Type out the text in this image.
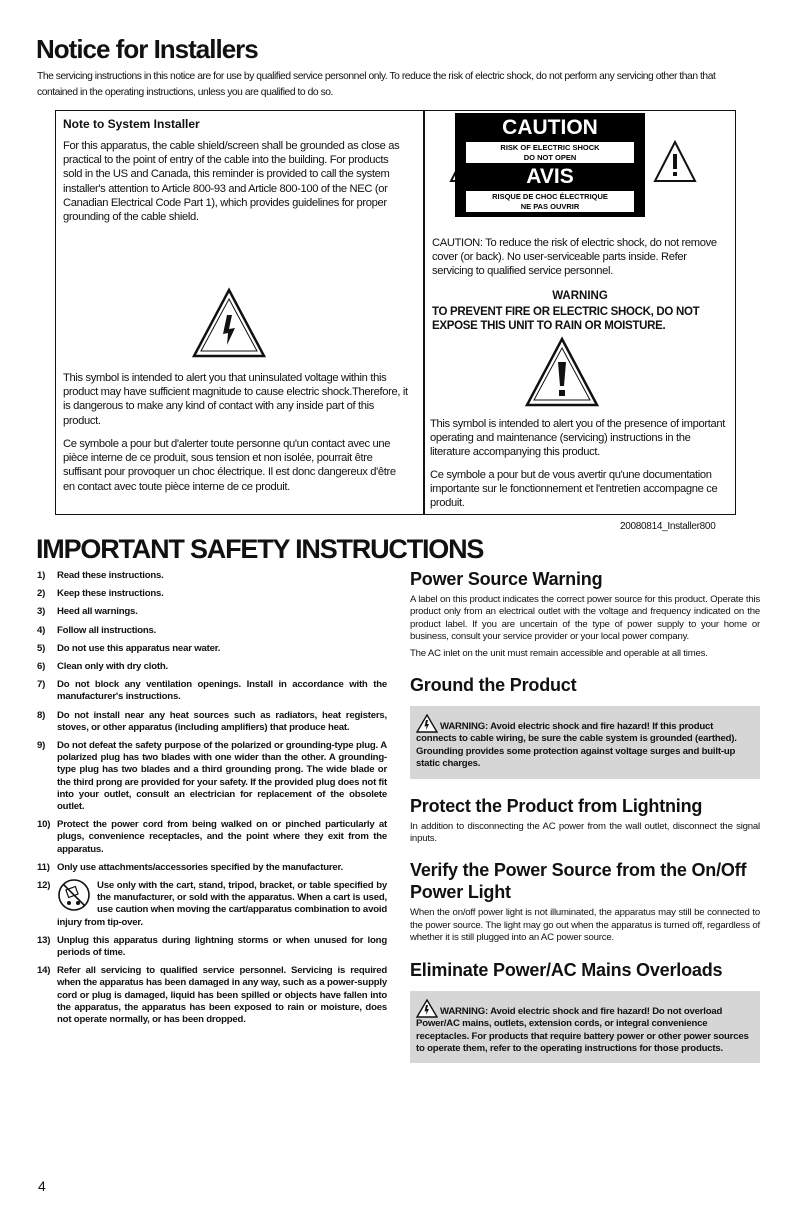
Notice for Installers
The servicing instructions in this notice are for use by qualified service personnel only. To reduce the risk of electric shock, do not perform any servicing other than that contained in the operating instructions, unless you are qualified to do so.
Note to System Installer
For this apparatus, the cable shield/screen shall be grounded as close as practical to the point of entry of the cable into the building. For products sold in the US and Canada, this reminder is provided to call the system installer's attention to Article 800-93 and Article 800-100 of the NEC (or Canadian Electrical Code Part 1), which provides guidelines for proper grounding of the cable shield.
This symbol is intended to alert you that uninsulated voltage within this product may have sufficient magnitude to cause electric shock.Therefore, it is dangerous to make any kind of contact with any inside part of this product.
Ce symbole a pour but d'alerter toute personne qu'un contact avec une pièce interne de ce produit, sous tension et non isolée, pourrait être suffisant pour provoquer un choc électrique. Il est donc dangereux d'être en contact avec toute pièce interne de ce produit.
CAUTION
RISK OF ELECTRIC SHOCK
DO NOT OPEN
AVIS
RISQUE DE CHOC ÉLECTRIQUE
NE PAS OUVRIR
CAUTION: To reduce the risk of electric shock, do not remove cover (or back). No user-serviceable parts inside. Refer servicing to qualified service personnel.
WARNING
TO PREVENT FIRE OR ELECTRIC SHOCK, DO NOT EXPOSE THIS UNIT TO RAIN OR MOISTURE.
This symbol is intended to alert you of the presence of important operating and maintenance (servicing) instructions in the literature accompanying this product.
Ce symbole a pour but de vous avertir qu'une documentation importante sur le fonctionnement et l'entretien accompagne ce produit.
20080814_Installer800
IMPORTANT SAFETY INSTRUCTIONS
1) Read these instructions.
2) Keep these instructions.
3) Heed all warnings.
4) Follow all instructions.
5) Do not use this apparatus near water.
6) Clean only with dry cloth.
7) Do not block any ventilation openings. Install in accordance with the manufacturer's instructions.
8) Do not install near any heat sources such as radiators, heat registers, stoves, or other apparatus (including amplifiers) that produce heat.
9) Do not defeat the safety purpose of the polarized or grounding-type plug. A polarized plug has two blades with one wider than the other. A grounding-type plug has two blades and a third grounding prong. The wide blade or the third prong are provided for your safety. If the provided plug does not fit into your outlet, consult an electrician for replacement of the obsolete outlet.
10) Protect the power cord from being walked on or pinched particularly at plugs, convenience receptacles, and the point where they exit from the apparatus.
11) Only use attachments/accessories specified by the manufacturer.
12)	Use only with the cart, stand, tripod, bracket, or table specified by the manufacturer, or sold with the apparatus. When a cart is used, use caution when moving the cart/apparatus combination to avoid injury from tip-over.
13) Unplug this apparatus during lightning storms or when unused for long periods of time.
14) Refer all servicing to qualified service personnel. Servicing is required when the apparatus has been damaged in any way, such as a power-supply cord or plug is damaged, liquid has been spilled or objects have fallen into the apparatus, the apparatus has been exposed to rain or moisture, does not operate normally, or has been dropped.
Power Source Warning

A label on this product indicates the correct power source for this product. Operate this product only from an electrical outlet with the voltage and frequency indicated on the product label. If you are uncertain of the type of power supply to your home or business, consult your service provider or your local power company.

The AC inlet on the unit must remain accessible and operable at all times.

Ground the Product
WARNING: Avoid electric shock and fire hazard! If this product connects to cable wiring, be sure the cable system is grounded (earthed). Grounding provides some protection against voltage surges and built-up static charges.
Protect the Product from Lightning

In addition to disconnecting the AC power from the wall outlet, disconnect the signal inputs.

Verify the Power Source from the On/Off Power Light

When the on/off power light is not illuminated, the apparatus may still be connected to the power source. The light may go out when the apparatus is turned off, regardless of whether it is still plugged into an AC power source.

Eliminate Power/AC Mains Overloads
WARNING: Avoid electric shock and fire hazard! Do not overload Power/AC mains, outlets, extension cords, or integral convenience receptacles. For products that require battery power or other power sources to operate them, refer to the operating instructions for those products.
4
